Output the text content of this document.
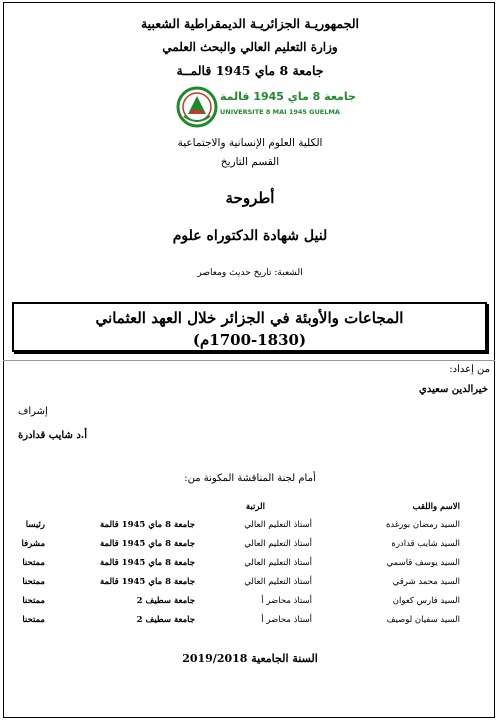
الجمهوريـة الجزائريـة الديمقراطية الشعبية
وزارة التعليم العالي والبحث العلمي
جامعة 8 ماي 1945 قالمــة
جامعة 8 ماي 1945 قالمة
UNIVERSITE 8 MAI 1945 GUELMA
الكلية العلوم الإنسانية والاجتماعية
القسم التاريخ
أطروحة
لنيل شهادة الدكتوراه علوم
الشعبة: تاريخ حديث ومعاصر
المجاعات والأوبئة في الجزائر خلال العهد العثماني
(1700-1830م)
من إعداد:
خيرالدين سعيدي
إشراف
أ.د شايب قدادرة
أمام لجنة المناقشة المكونة من:
الاسم واللقب
الرتبة
السيد رمضان بورغدة
أستاذ التعليم العالي
جامعة 8 ماي 1945 قالمة
رئيسا
السيد شايب قدادرة
أستاذ التعليم العالي
جامعة 8 ماي 1945 قالمة
مشرفا
السيد يوسف قاسمي
أستاذ التعليم العالي
جامعة 8 ماي 1945 قالمة
ممتحنا
السيد محمد شرقي
أستاذ التعليم العالي
جامعة 8 ماي 1945 قالمة
ممتحنا
السيد فارس كعوان
أستاذ محاضر أ
جامعة سطيف 2
ممتحنا
السيد سفيان لوصيف
أستاذ محاضر أ
جامعة سطيف 2
ممتحنا
السنة الجامعية 2019/2018
